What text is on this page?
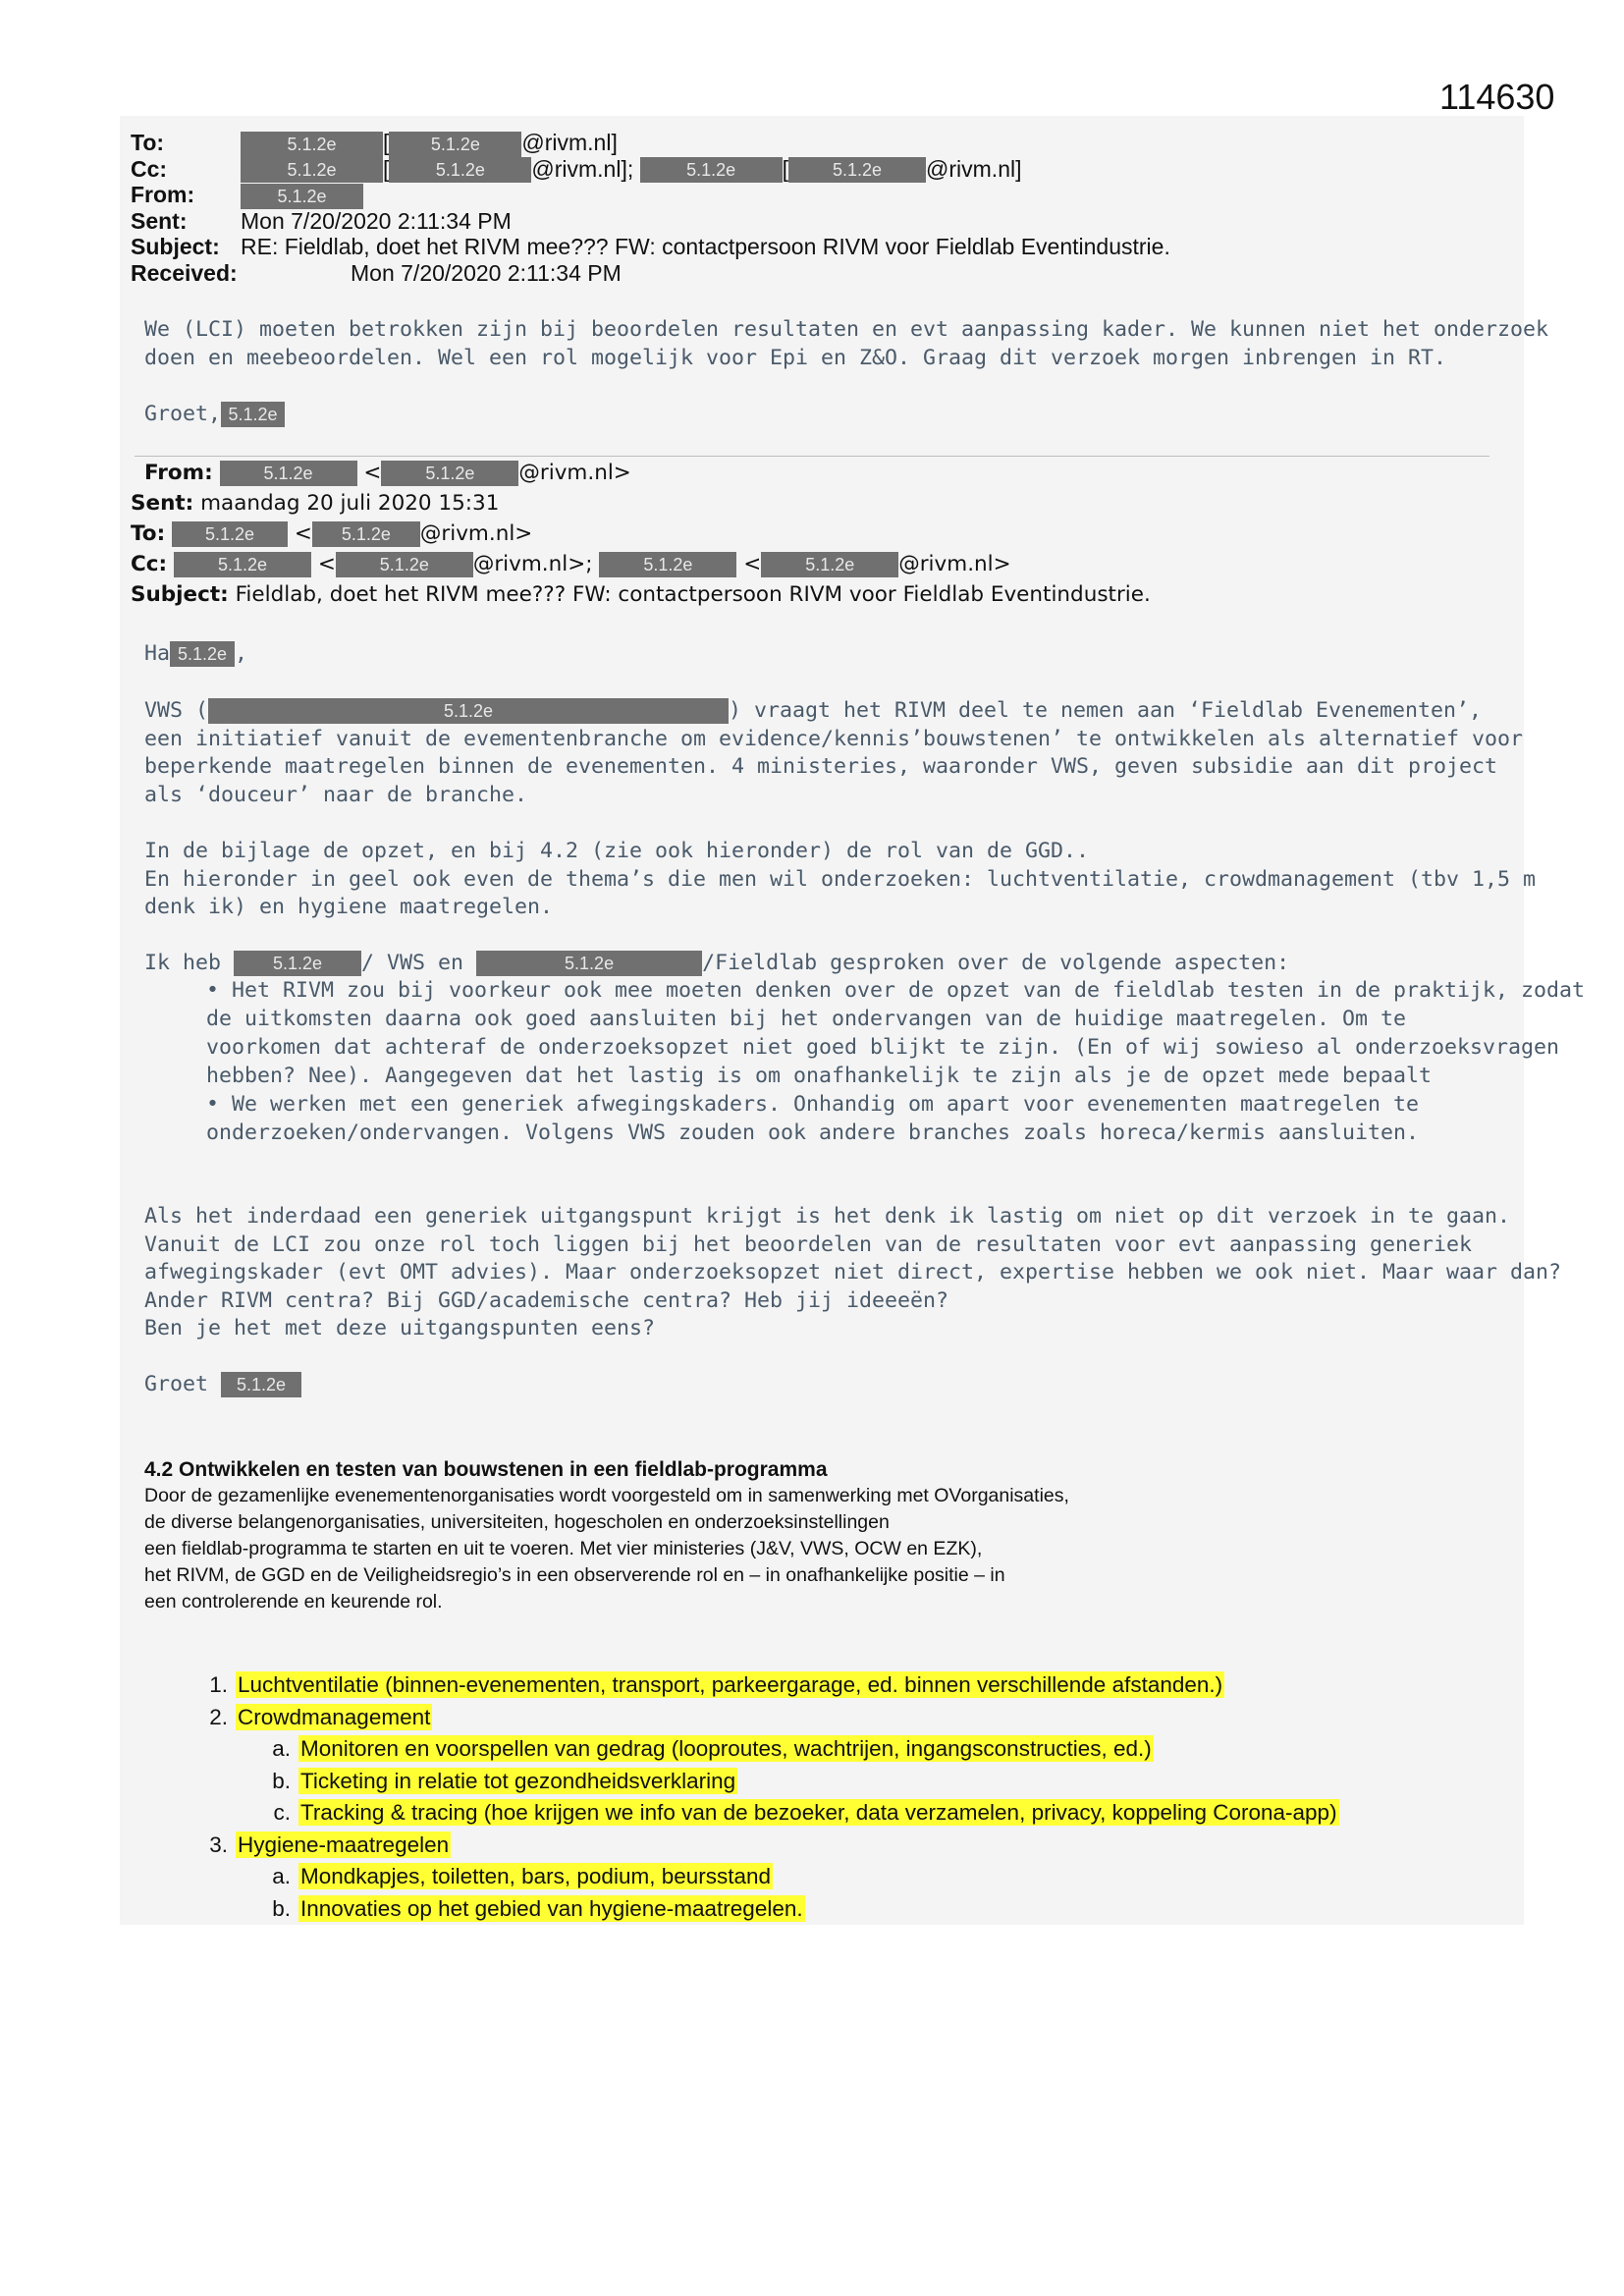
114630
To:	5.1.2e [ 5.1.2e @rivm.nl]
Cc:	5.1.2e [	5.1.2e @rivm.nl];	5.1.2e [ 5.1.2e @rivm.nl]
From:	5.1.2e
Sent: Mon 7/20/2020 2:11:34 PM
Subject: RE: Fieldlab, doet het RIVM mee??? FW: contactpersoon RIVM voor Fieldlab Eventindustrie.
Received:	Mon 7/20/2020 2:11:34 PM

We (LCI) moeten betrokken zijn bij beoordelen resultaten en evt aanpassing kader. We kunnen niet het onderzoek

doen en meebeoordelen. Wel een rol mogelijk voor Epi en Z&O. Graag dit verzoek morgen inbrengen in RT.

Groet, 5.1.2e
From:	5.1.2e < 5.1.2e @rivm.nl>
Sent: maandag 20 juli 2020 15:31
To: 5.1.2e < 5.1.2e @rivm.nl>
Cc:	5.1.2e < 5.1.2e @rivm.nl>;	5.1.2e < 5.1.2e @rivm.nl>
Subject: Fieldlab, doet het RIVM mee??? FW: contactpersoon RIVM voor Fieldlab Eventindustrie.
Ha 5.1.2e ,

VWS (	5.1.2e	) vraagt het RIVM deel te nemen aan ‘Fieldlab Evenementen’,

een initiatief vanuit de evementenbranche om evidence/kennis’bouwstenen’ te ontwikkelen als alternatief voor

beperkende maatregelen binnen de evenementen. 4 ministeries, waaronder VWS, geven subsidie aan dit project

als ‘douceur’ naar de branche.

In de bijlage de opzet, en bij 4.2 (zie ook hieronder) de rol van de GGD..

En hieronder in geel ook even de thema’s die men wil onderzoeken: luchtventilatie, crowdmanagement (tbv 1,5 m

denk ik) en hygiene maatregelen.

Ik heb	5.1.2e / VWS en	5.1.2e	/Fieldlab gesproken over de volgende aspecten:

• Het RIVM zou bij voorkeur ook mee moeten denken over de opzet van de fieldlab testen in de praktijk, zodat

de uitkomsten daarna ook goed aansluiten bij het ondervangen van de huidige maatregelen. Om te

voorkomen dat achteraf de onderzoeksopzet niet goed blijkt te zijn. (En of wij sowieso al onderzoeksvragen

hebben? Nee). Aangegeven dat het lastig is om onafhankelijk te zijn als je de opzet mede bepaalt

• We werken met een generiek afwegingskaders. Onhandig om apart voor evenementen maatregelen te

onderzoeken/ondervangen. Volgens VWS zouden ook andere branches zoals horeca/kermis aansluiten.

Als het inderdaad een generiek uitgangspunt krijgt is het denk ik lastig om niet op dit verzoek in te gaan.

Vanuit de LCI zou onze rol toch liggen bij het beoordelen van de resultaten voor evt aanpassing generiek

afwegingskader (evt OMT advies). Maar onderzoeksopzet niet direct, expertise hebben we ook niet. Maar waar dan?

Ander RIVM centra? Bij GGD/academische centra? Heb jij ideeeën?

Ben je het met deze uitgangspunten eens?

Groet 5.1.2e
4.2 Ontwikkelen en testen van bouwstenen in een fieldlab-programma
Door de gezamenlijke evenementenorganisaties wordt voorgesteld om in samenwerking met OVorganisaties,
de diverse belangenorganisaties, universiteiten, hogescholen en onderzoeksinstellingen
een fieldlab-programma te starten en uit te voeren. Met vier ministeries (J&V, VWS, OCW en EZK),
het RIVM, de GGD en de Veiligheidsregio’s in een observerende rol en – in onafhankelijke positie – in
een controlerende en keurende rol.
1. Luchtventilatie (binnen-evenementen, transport, parkeergarage, ed. binnen verschillende afstanden.)
2. Crowdmanagement
a. Monitoren en voorspellen van gedrag (looproutes, wachtrijen, ingangsconstructies, ed.)
b. Ticketing in relatie tot gezondheidsverklaring
c. Tracking & tracing (hoe krijgen we info van de bezoeker, data verzamelen, privacy, koppeling Corona-app)
3. Hygiene-maatregelen
a. Mondkapjes, toiletten, bars, podium, beursstand
b. Innovaties op het gebied van hygiene-maatregelen.
